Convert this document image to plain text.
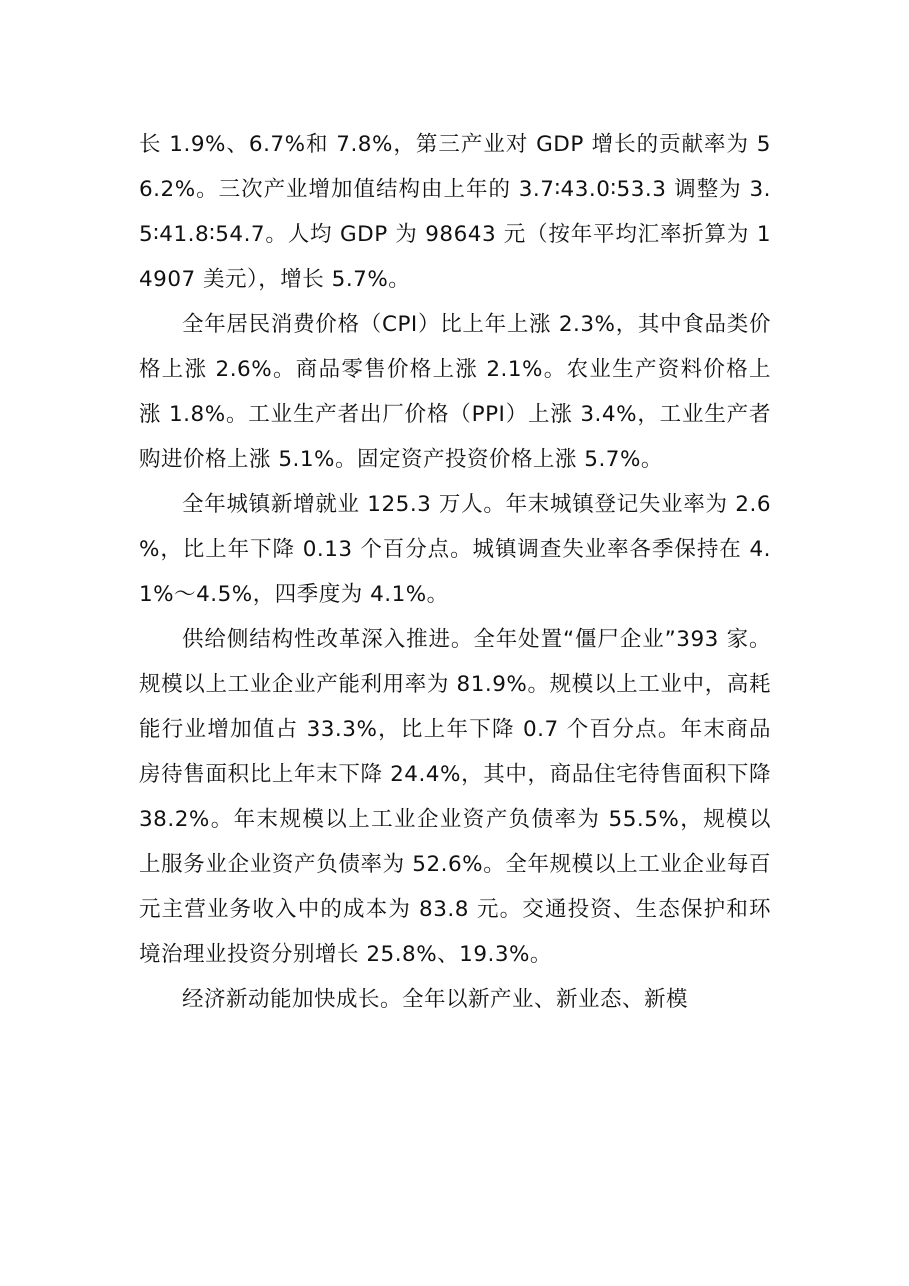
长 1.9%、6.7%和 7.8%，第三产业对 GDP 增长的贡献率为 56.2%。三次产业增加值结构由上年的 3.7∶43.0∶53.3 调整为 3.5∶41.8∶54.7。人均 GDP 为 98643 元（按年平均汇率折算为 14907 美元），增长 5.7%。

全年居民消费价格（CPI）比上年上涨 2.3%，其中食品类价格上涨 2.6%。商品零售价格上涨 2.1%。农业生产资料价格上涨 1.8%。工业生产者出厂价格（PPI）上涨 3.4%，工业生产者购进价格上涨 5.1%。固定资产投资价格上涨 5.7%。

全年城镇新增就业 125.3 万人。年末城镇登记失业率为 2.6%，比上年下降 0.13 个百分点。城镇调查失业率各季保持在 4.1%～4.5%，四季度为 4.1%。

供给侧结构性改革深入推进。全年处置“僵尸企业”393 家。规模以上工业企业产能利用率为 81.9%。规模以上工业中，高耗能行业增加值占 33.3%，比上年下降 0.7 个百分点。年末商品房待售面积比上年末下降 24.4%，其中，商品住宅待售面积下降 38.2%。年末规模以上工业企业资产负债率为 55.5%，规模以上服务业企业资产负债率为 52.6%。全年规模以上工业企业每百元主营业务收入中的成本为 83.8 元。交通投资、生态保护和环境治理业投资分别增长 25.8%、19.3%。

经济新动能加快成长。全年以新产业、新业态、新模
